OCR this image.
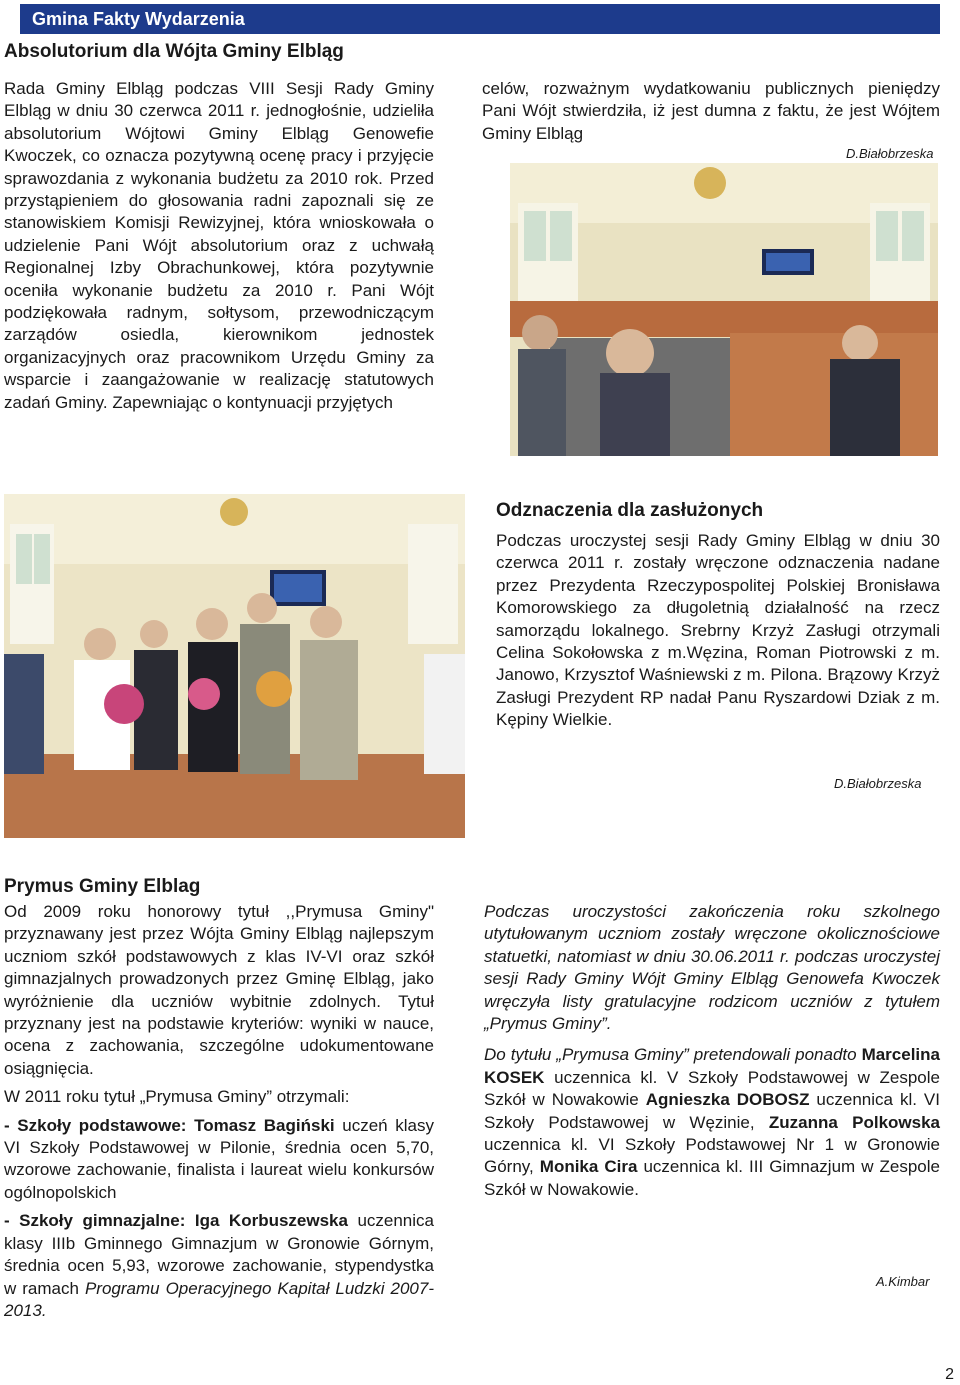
Gmina Fakty Wydarzenia
Absolutorium dla Wójta Gminy Elbląg

Rada Gminy Elbląg podczas VIII Sesji Rady Gminy Elbląg w dniu 30 czerwca 2011 r. jednogłośnie, udzieliła absolutorium Wójtowi Gminy Elbląg Genowefie Kwoczek, co oznacza pozytywną ocenę pracy i przyjęcie sprawozdania z wykonania budżetu za 2010 rok. Przed przystąpieniem do głosowania radni zapoznali się ze stanowiskiem Komisji Rewizyjnej, która wnioskowała o udzielenie Pani Wójt absolutorium oraz z uchwałą Regionalnej Izby Obrachunkowej, która pozytywnie oceniła wykonanie budżetu za 2010 r. Pani Wójt podziękowała radnym, sołtysom, przewodniczącym zarządów osiedla, kierownikom jednostek organizacyjnych oraz pracownikom Urzędu Gminy za wsparcie i zaangażowanie w realizację statutowych zadań Gminy. Zapewniając o kontynuacji przyjętych

celów, rozważnym wydatkowaniu publicznych pieniędzy Pani Wójt stwierdziła, iż jest dumna z faktu, że jest Wójtem Gminy Elbląg

D.Białobrzeska
Odznaczenia dla zasłużonych

Podczas uroczystej sesji Rady Gminy Elbląg w dniu 30 czerwca 2011 r. zostały wręczone odznaczenia nadane przez Prezydenta Rzeczypospolitej Polskiej Bronisława Komorowskiego za długoletnią działalność na rzecz samorządu lokalnego. Srebrny Krzyż Zasługi otrzymali Celina Sokołowska z m.Węzina, Roman Piotrowski z m. Janowo, Krzysztof Waśniewski z m. Pilona. Brązowy Krzyż Zasługi Prezydent RP nadał Panu Ryszardowi Dziak z m. Kępiny Wielkie.

D.Białobrzeska
Prymus Gminy Elblag

Od 2009 roku honorowy tytuł ,,Prymusa Gminy" przyznawany jest przez Wójta Gminy Elbląg najlepszym uczniom szkół podstawowych z klas IV-VI oraz szkół gimnazjalnych prowadzonych przez Gminę Elbląg, jako wyróżnienie dla uczniów wybitnie zdolnych. Tytuł przyznany jest na podstawie kryteriów: wyniki w nauce, ocena z zachowania, szczególne udokumentowane osiągnięcia.

W 2011 roku tytuł „Prymusa Gminy” otrzymali:

- Szkoły podstawowe: Tomasz Bagiński uczeń klasy VI Szkoły Podstawowej w Pilonie, średnia ocen 5,70, wzorowe zachowanie, finalista i laureat wielu konkursów ogólnopolskich

- Szkoły gimnazjalne: Iga Korbuszewska uczennica klasy IIIb Gminnego Gimnazjum w Gronowie Górnym, średnia ocen 5,93, wzorowe zachowanie, stypendystka w ramach Programu Operacyjnego Kapitał Ludzki 2007-2013.

Podczas uroczystości zakończenia roku szkolnego utytułowanym uczniom zostały wręczone okolicznościowe statuetki, natomiast w dniu 30.06.2011 r. podczas uroczystej sesji Rady Gminy Wójt Gminy Elbląg Genowefa Kwoczek wręczyła listy gratulacyjne rodzicom uczniów z tytułem „Prymus Gminy”.

Do tytułu „Prymusa Gminy” pretendowali ponadto Marcelina KOSEK uczennica kl. V Szkoły Podstawowej w Zespole Szkół w Nowakowie Agnieszka DOBOSZ uczennica kl. VI Szkoły Podstawowej w Węzinie, Zuzanna Polkowska uczennica kl. VI Szkoły Podstawowej Nr 1 w Gronowie Górny, Monika Cira uczennica kl. III Gimnazjum w Zespole Szkół w Nowakowie.

A.Kimbar
2
